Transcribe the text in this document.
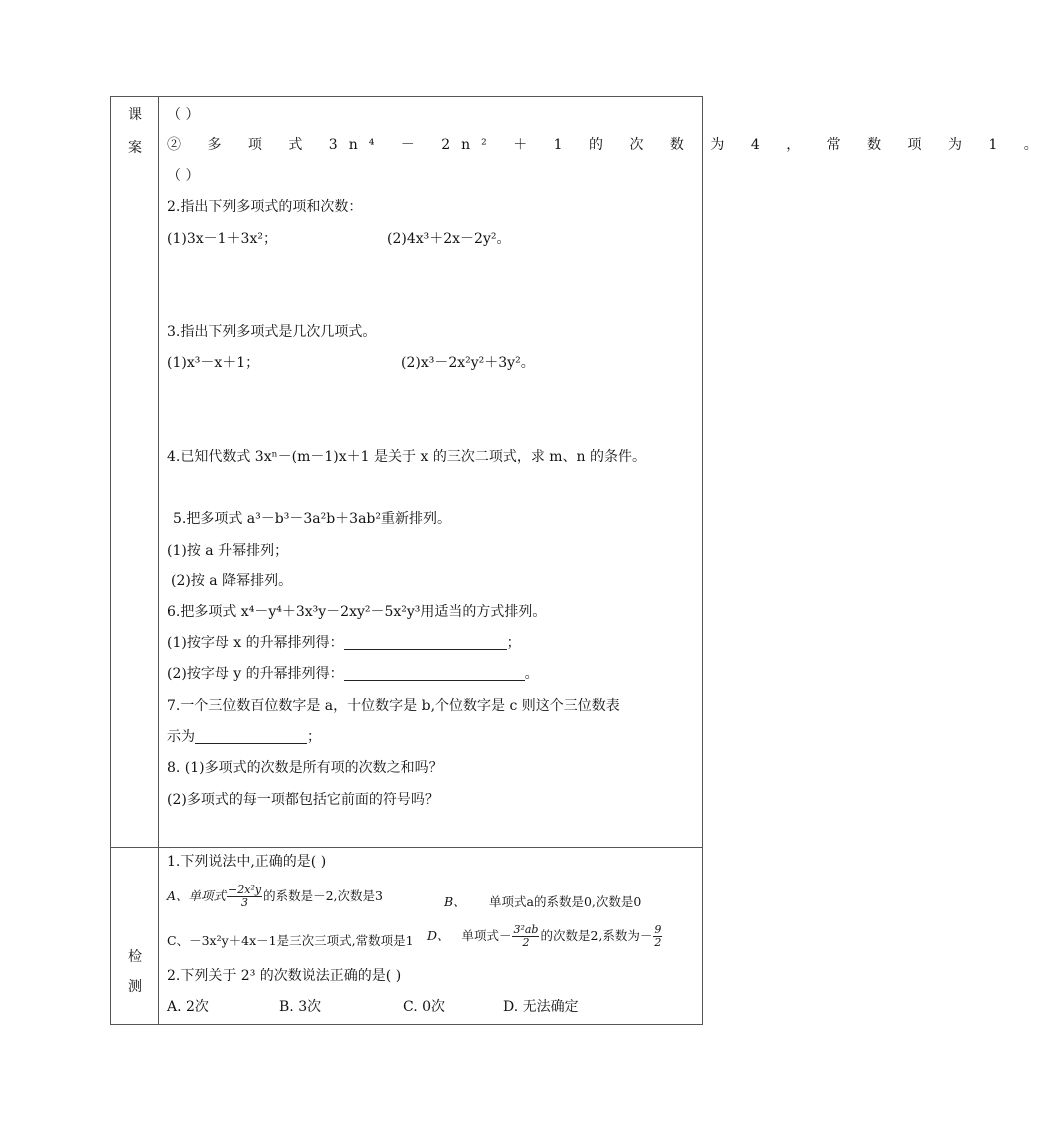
课
案
（ ）
② 多 项 式 3n⁴ － 2n² ＋ 1 的 次 数 为 4 ， 常 数 项 为 1 。
（ ）
2.指出下列多项式的项和次数：
(1)3x－1＋3x²；	(2)4x³＋2x－2y²。
3.指出下列多项式是几次几项式。
(1)x³－x＋1；	(2)x³－2x²y²＋3y²。
4.已知代数式 3xⁿ－(m－1)x＋1 是关于 x 的三次二项式，求 m、n 的条件。
5.把多项式 a³－b³－3a²b＋3ab²重新排列。
(1)按 a 升幂排列；
(2)按 a 降幂排列。
6.把多项式 x⁴－y⁴＋3x³y－2xy²－5x²y³用适当的方式排列。
(1)按字母 x 的升幂排列得：	；
(2)按字母 y 的升幂排列得：	。
7.一个三位数百位数字是 a，十位数字是 b,个位数字是 c 则这个三位数表
示为	；
8. (1)多项式的次数是所有项的次数之和吗？
(2)多项式的每一项都包括它前面的符号吗？
检
测
1.下列说法中,正确的是( )
A、单项式 $\frac{\text{−2x²y}}{3}$ 的系数是－2,次数是3	B、 单项式a的系数是0,次数是0
C、－3x²y＋4x－1是三次三项式,常数项是1 D、 单项式－ $\frac{\text{3²ab}}{2}$ 的次数是2,系数为－ $\frac{9}{2}$
2.下列关于 2³ 的次数说法正确的是( )
A. 2次	B. 3次	C. 0次	D. 无法确定
